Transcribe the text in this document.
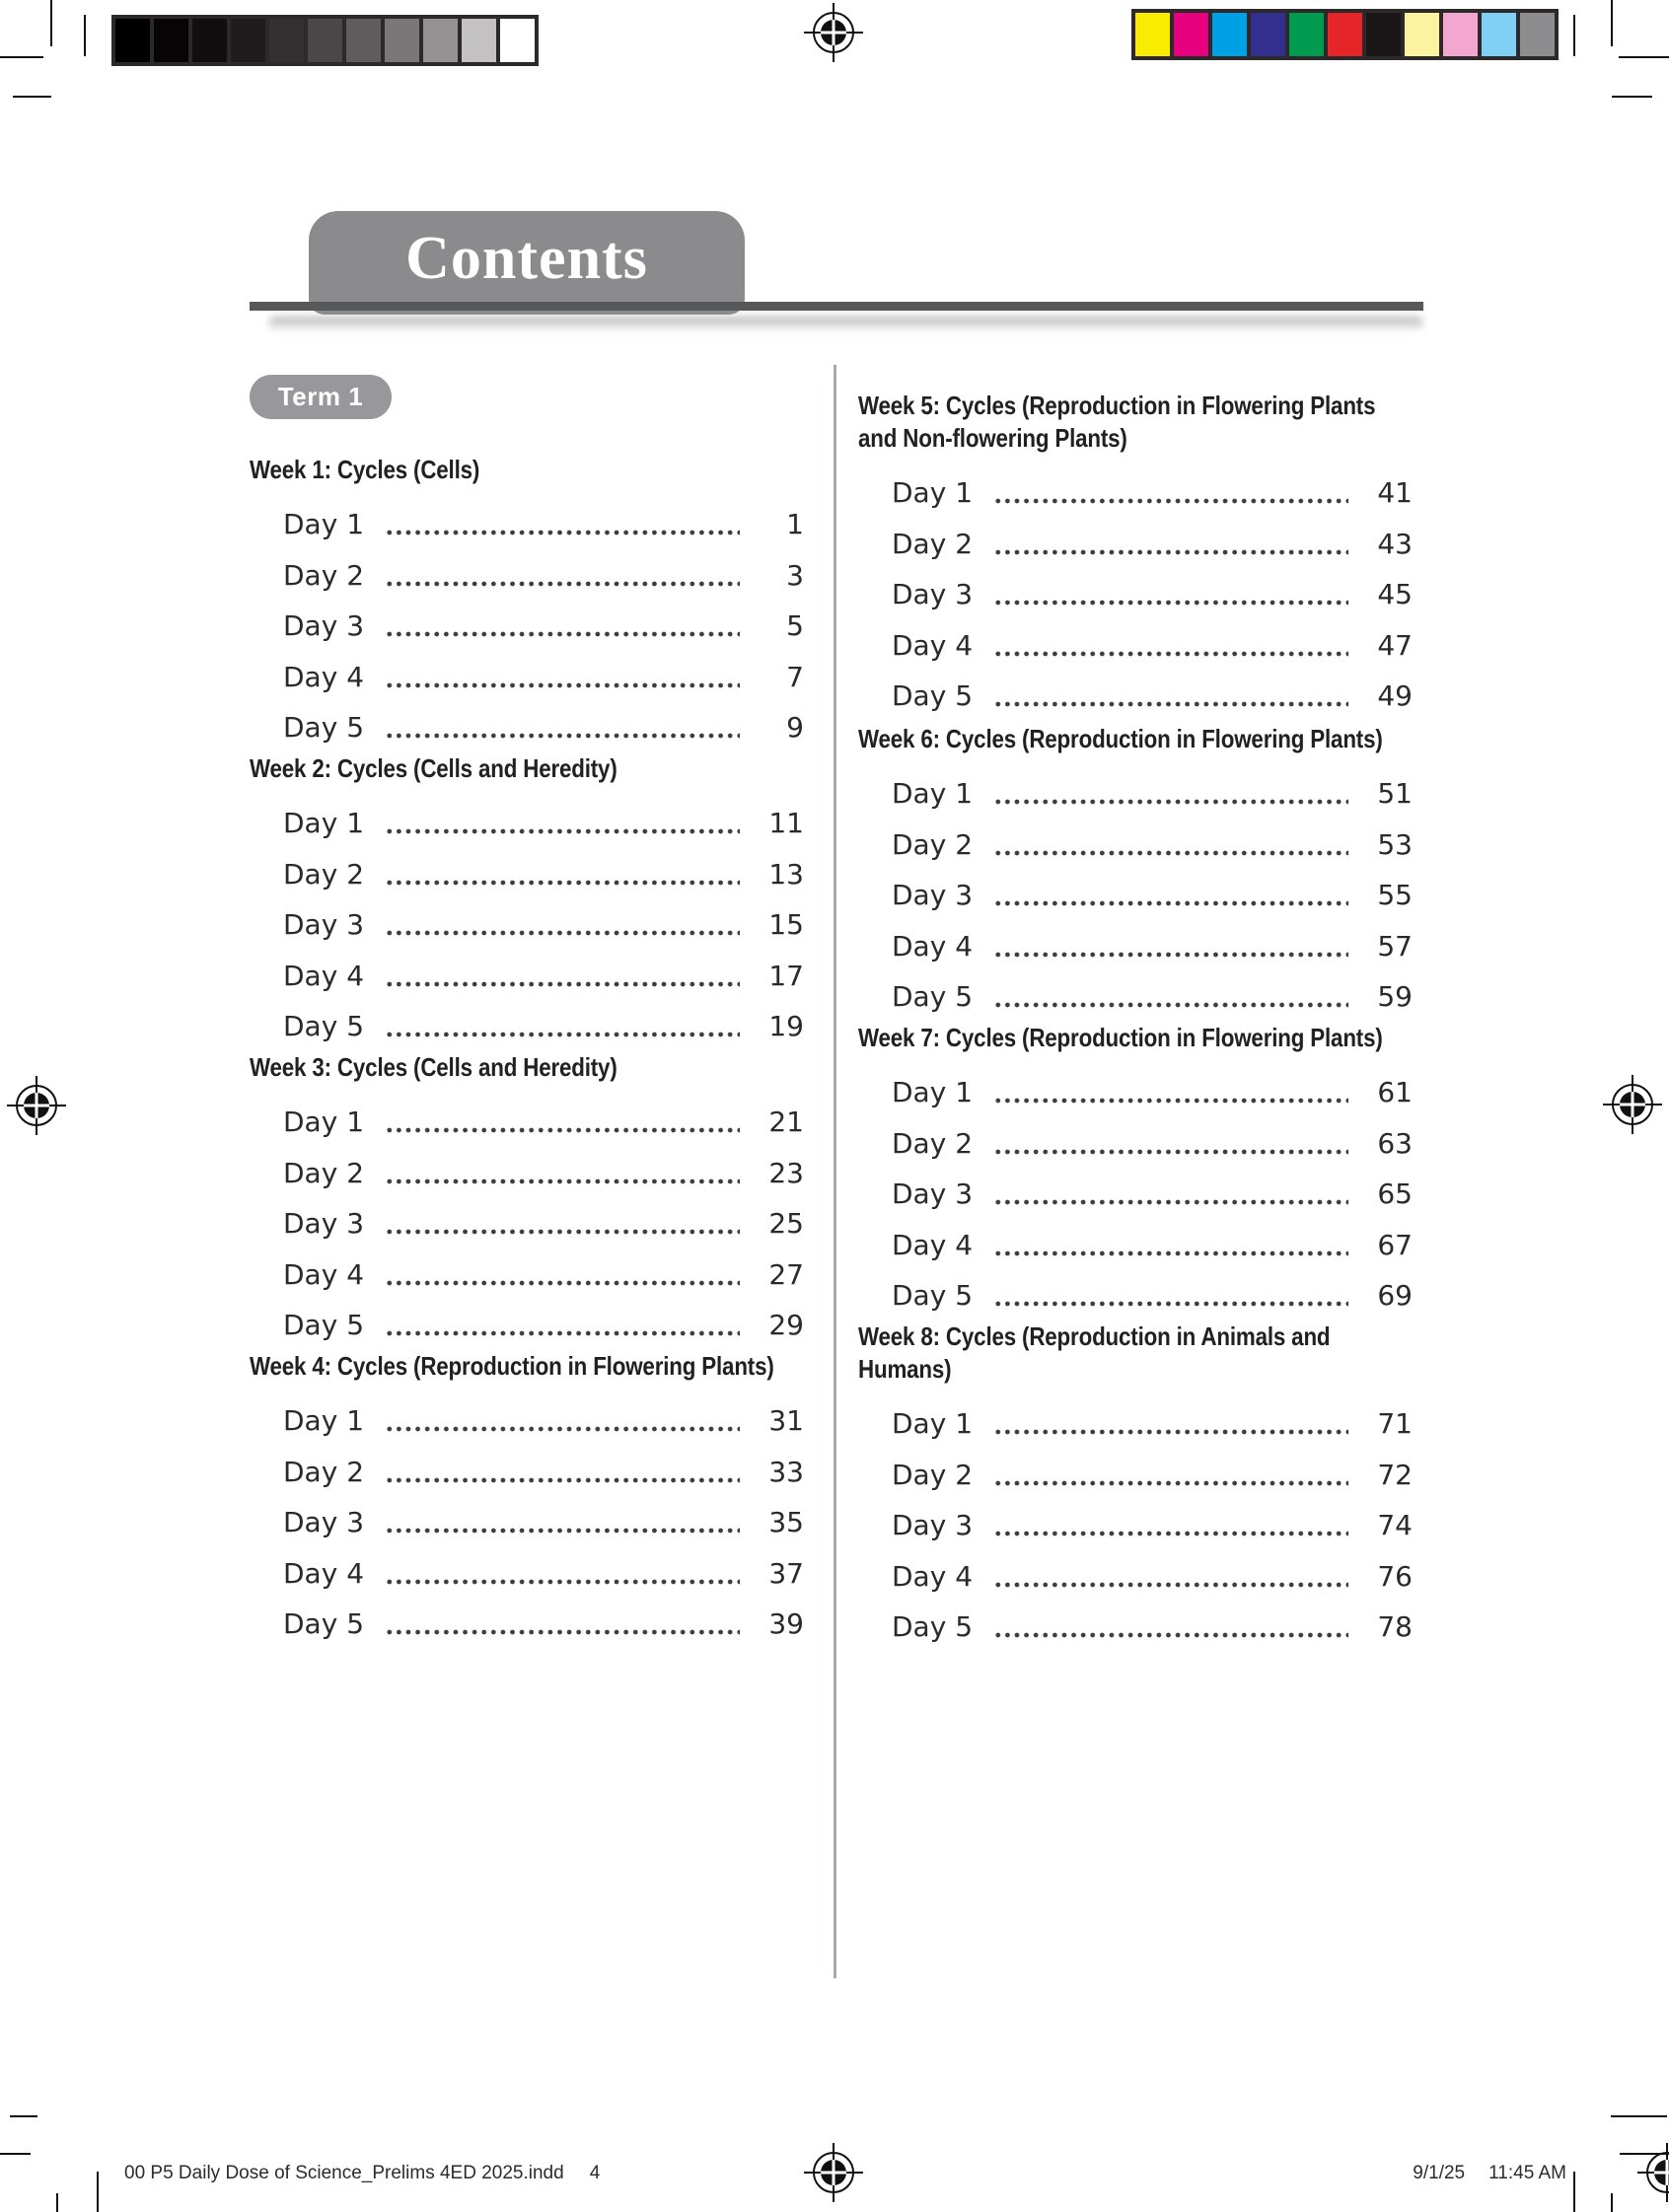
Contents
Term 1
Week 1: Cycles (Cells)
Day 1	1
Day 2	3
Day 3	5
Day 4	7
Day 5	9
Week 2: Cycles (Cells and Heredity)
Day 1	11
Day 2	13
Day 3	15
Day 4	17
Day 5	19
Week 3: Cycles (Cells and Heredity)
Day 1	21
Day 2	23
Day 3	25
Day 4	27
Day 5	29
Week 4: Cycles (Reproduction in Flowering Plants)
Day 1	31
Day 2	33
Day 3	35
Day 4	37
Day 5	39
Week 5: Cycles (Reproduction in Flowering Plants
and Non-flowering Plants)
Day 1	41
Day 2	43
Day 3	45
Day 4	47
Day 5	49
Week 6: Cycles (Reproduction in Flowering Plants)
Day 1	51
Day 2	53
Day 3	55
Day 4	57
Day 5	59
Week 7: Cycles (Reproduction in Flowering Plants)
Day 1	61
Day 2	63
Day 3	65
Day 4	67
Day 5	69
Week 8: Cycles (Reproduction in Animals and
Humans)
Day 1	71
Day 2	72
Day 3	74
Day 4	76
Day 5	78
00 P5 Daily Dose of Science_Prelims 4ED 2025.indd 4	9/1/25 11:45 AM
